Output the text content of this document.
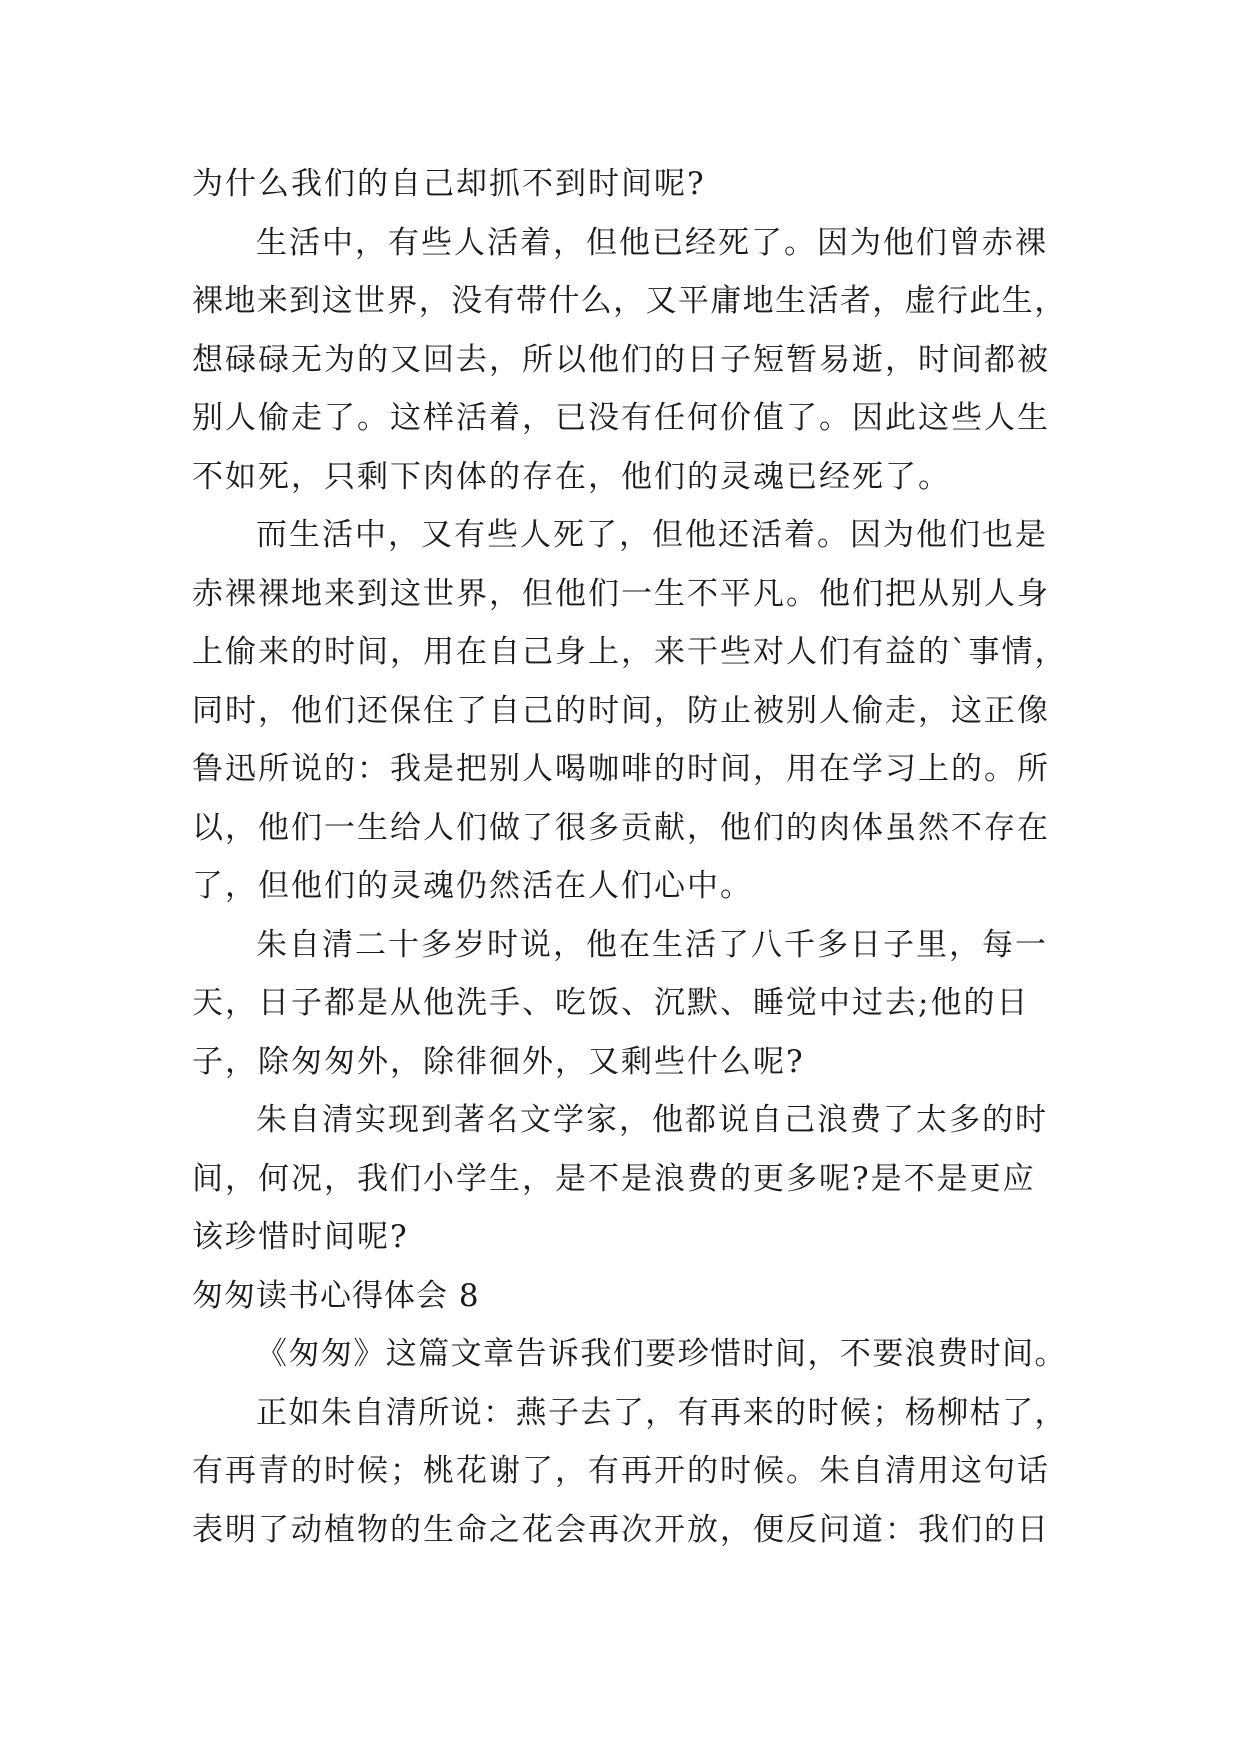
为什么我们的自己却抓不到时间呢?
生活中，有些人活着，但他已经死了。因为他们曾赤裸
裸地来到这世界，没有带什么，又平庸地生活者，虚行此生，
想碌碌无为的又回去，所以他们的日子短暂易逝，时间都被
别人偷走了。这样活着，已没有任何价值了。因此这些人生
不如死，只剩下肉体的存在，他们的灵魂已经死了。
而生活中，又有些人死了，但他还活着。因为他们也是
赤裸裸地来到这世界，但他们一生不平凡。他们把从别人身
上偷来的时间，用在自己身上，来干些对人们有益的`事情，
同时，他们还保住了自己的时间，防止被别人偷走，这正像
鲁迅所说的：我是把别人喝咖啡的时间，用在学习上的。所
以，他们一生给人们做了很多贡献，他们的肉体虽然不存在
了，但他们的灵魂仍然活在人们心中。
朱自清二十多岁时说，他在生活了八千多日子里，每一
天，日子都是从他洗手、吃饭、沉默、睡觉中过去;他的日
子，除匆匆外，除徘徊外，又剩些什么呢?
朱自清实现到著名文学家，他都说自己浪费了太多的时
间，何况，我们小学生，是不是浪费的更多呢?是不是更应
该珍惜时间呢?
匆匆读书心得体会 8
《匆匆》这篇文章告诉我们要珍惜时间，不要浪费时间。
正如朱自清所说：燕子去了，有再来的时候；杨柳枯了，
有再青的时候；桃花谢了，有再开的时候。朱自清用这句话
表明了动植物的生命之花会再次开放，便反问道：我们的日
